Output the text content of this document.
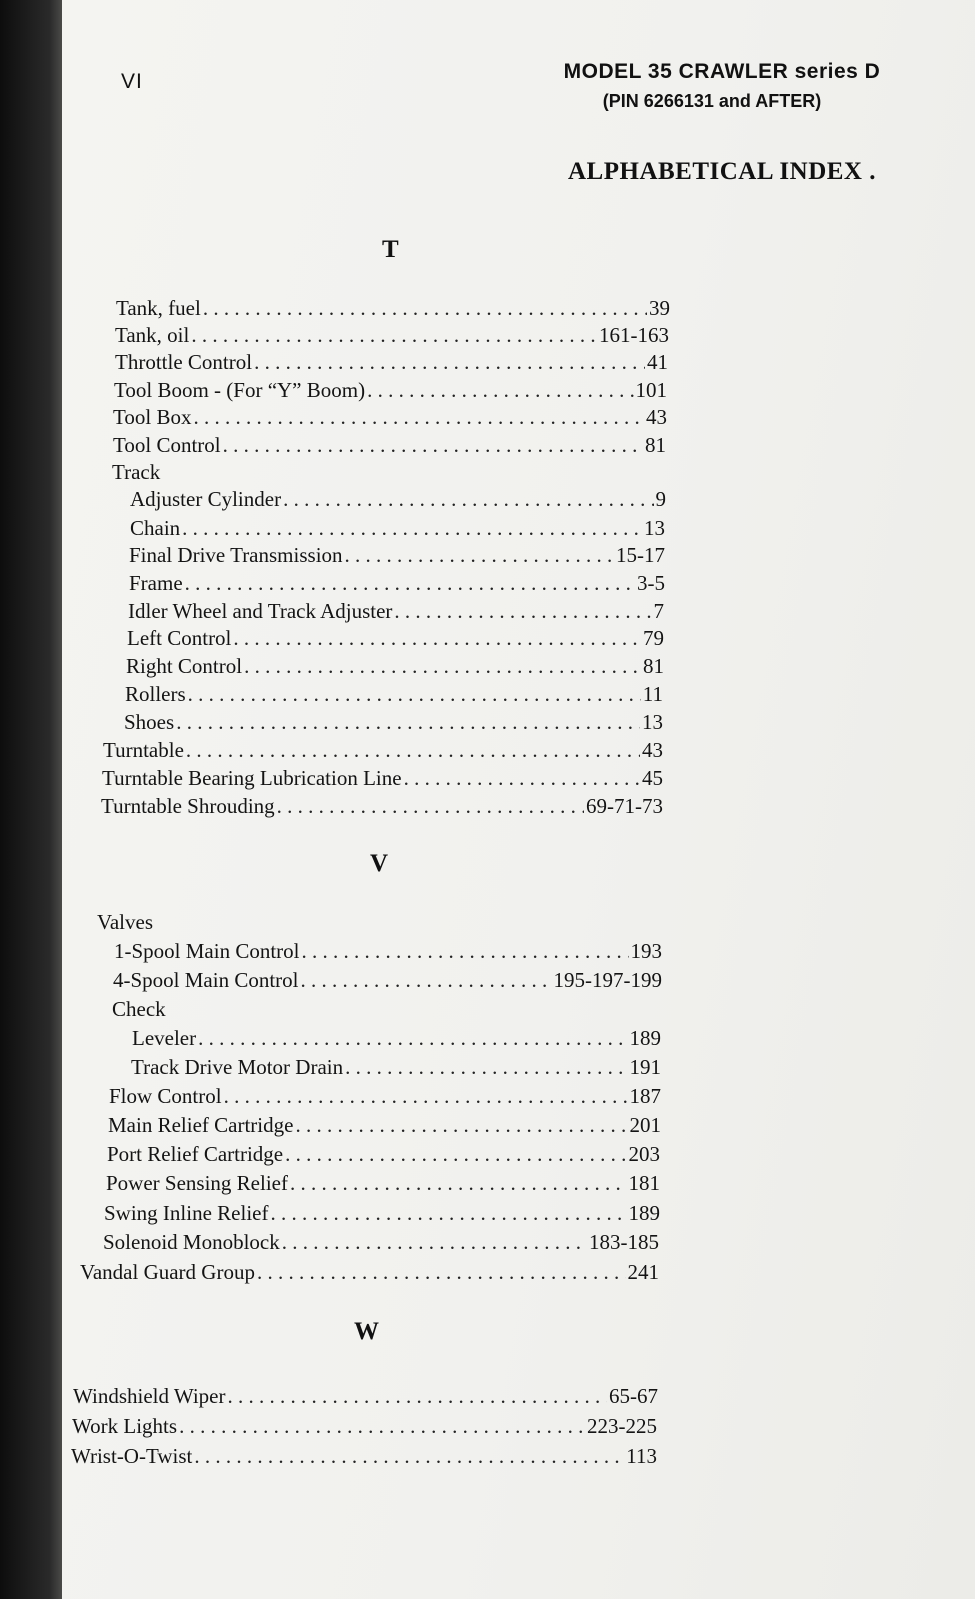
VI	MODEL 35 CRAWLER series D
(PIN 6266131 and AFTER)
ALPHABETICAL INDEX .
T
Tank, fuel . . .	39
Tank, oil . . .	161-163
Throttle Control . . .	41
Tool Boom - (For “Y” Boom) . . .	101
Tool Box . . .	43
Tool Control . . .	81
Track
Adjuster Cylinder . . .	9
Chain . . .	13
Final Drive Transmission . . .	15-17
Frame . . .	3-5
Idler Wheel and Track Adjuster . . .	7
Left Control . . .	79
Right Control . . .	81
Rollers . . .	11
Shoes . . .	13
Turntable . . .	43
Turntable Bearing Lubrication Line . . .	45
Turntable Shrouding . . .	69-71-73
V
Valves
1-Spool Main Control . . .	193
4-Spool Main Control . . .	195-197-199
Check
Leveler . . .	189
Track Drive Motor Drain . . .	191
Flow Control . . .	187
Main Relief Cartridge . . .	201
Port Relief Cartridge . . .	203
Power Sensing Relief . . .	181
Swing Inline Relief . . .	189
Solenoid Monoblock . . .	183-185
Vandal Guard Group . . .	241
W
Windshield Wiper . . .	65-67
Work Lights . . .	223-225
Wrist-O-Twist . . .	113
